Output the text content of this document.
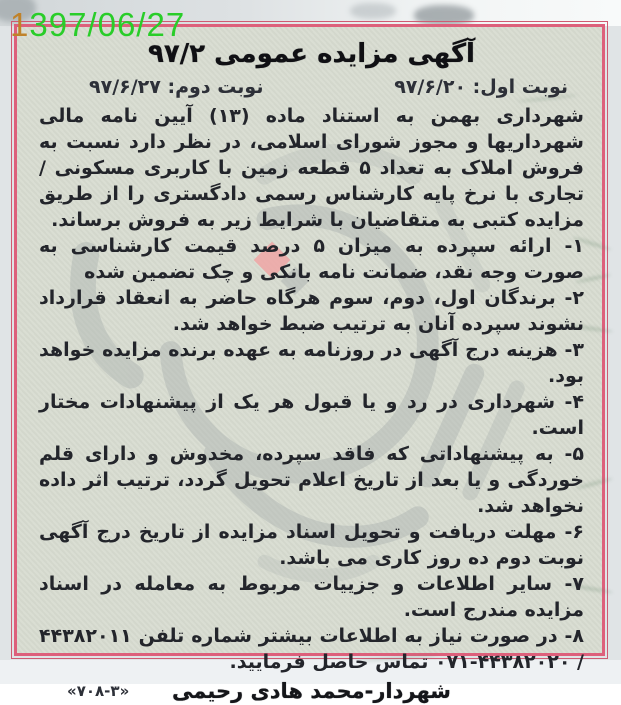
آگهی مزایده عمومی ۹۷/۲
نوبت اول: ۹۷/۶/۲۰
نوبت دوم: ۹۷/۶/۲۷
شهرداری بهمن به استناد ماده (۱۳) آیین نامه مالی شهرداریها و مجوز شورای اسلامی، در نظر دارد نسبت به فروش املاک به تعداد ۵ قطعه زمین با کاربری مسکونی / تجاری با نرخ پایه کارشناس رسمی دادگستری را از طریق مزایده کتبی به متقاضیان با شرایط زیر به فروش برساند.
۱- ارائه سپرده به میزان ۵ درصد قیمت کارشناسی به صورت وجه نقد، ضمانت نامه بانکی و چک تضمین شده
۲- برندگان اول، دوم، سوم هرگاه حاضر به انعقاد قرارداد نشوند سپرده آنان به ترتیب ضبط خواهد شد.
۳- هزینه درج آگهی در روزنامه به عهده برنده مزایده خواهد بود.
۴- شهرداری در رد و یا قبول هر یک از پیشنهادات مختار است.
۵- به پیشنهاداتی که فاقد سپرده، مخدوش و دارای قلم خوردگی و یا بعد از تاریخ اعلام تحویل گردد، ترتیب اثر داده نخواهد شد.
۶- مهلت دریافت و تحویل اسناد مزایده از تاریخ درج آگهی نوبت دوم ده روز کاری می باشد.
۷- سایر اطلاعات و جزییات مربوط به معامله در اسناد مزایده مندرج است.
۸- در صورت نیاز به اطلاعات بیشتر شماره تلفن ۴۴۳۸۲۰۱۱ / ۴۴۳۸۲۰۲۰-۰۷۱ تماس حاصل فرمایید.
شهردار-محمد هادی رحیمی
«۷۰۸-۳»
1397/06/27
